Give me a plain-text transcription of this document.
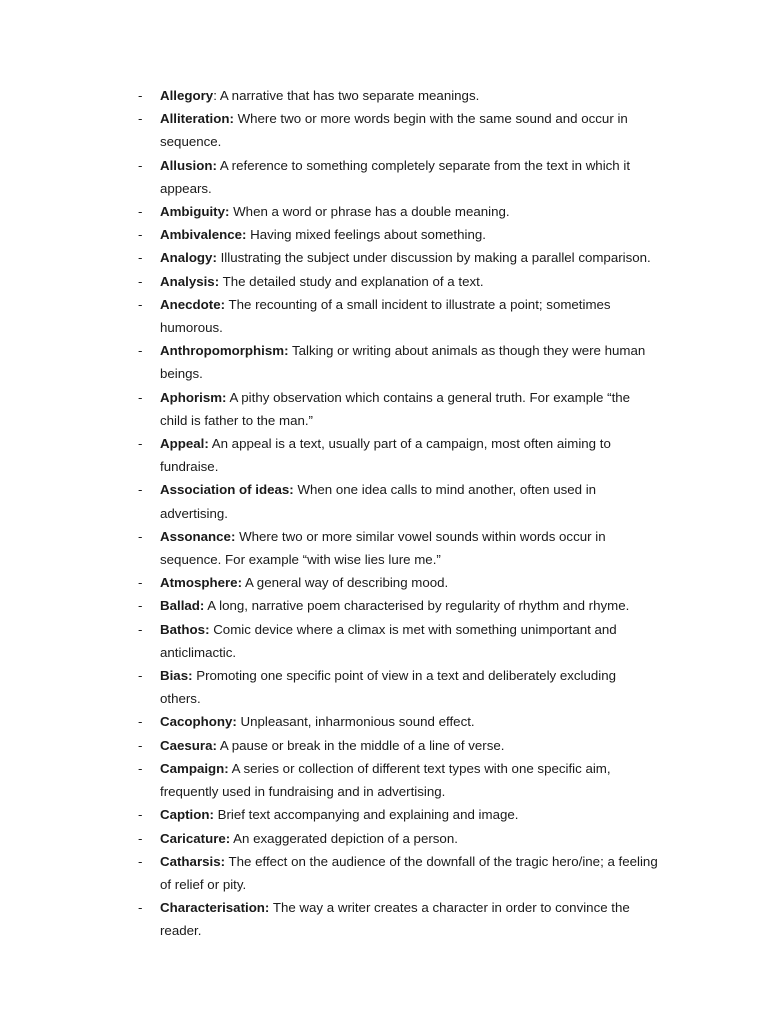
-	Allegory: A narrative that has two separate meanings.
-	Alliteration: Where two or more words begin with the same sound and occur in sequence.
-	Allusion: A reference to something completely separate from the text in which it appears.
-	Ambiguity: When a word or phrase has a double meaning.
-	Ambivalence: Having mixed feelings about something.
-	Analogy: Illustrating the subject under discussion by making a parallel comparison.
-	Analysis: The detailed study and explanation of a text.
-	Anecdote: The recounting of a small incident to illustrate a point; sometimes humorous.
-	Anthropomorphism: Talking or writing about animals as though they were human beings.
-	Aphorism: A pithy observation which contains a general truth. For example “the child is father to the man.”
-	Appeal: An appeal is a text, usually part of a campaign, most often aiming to fundraise.
-	Association of ideas: When one idea calls to mind another, often used in advertising.
-	Assonance: Where two or more similar vowel sounds within words occur in sequence. For example “with wise lies lure me.”
-	Atmosphere: A general way of describing mood.
-	Ballad: A long, narrative poem characterised by regularity of rhythm and rhyme.
-	Bathos: Comic device where a climax is met with something unimportant and anticlimactic.
-	Bias: Promoting one specific point of view in a text and deliberately excluding others.
-	Cacophony: Unpleasant, inharmonious sound effect.
-	Caesura: A pause or break in the middle of a line of verse.
-	Campaign: A series or collection of different text types with one specific aim, frequently used in fundraising and in advertising.
-	Caption: Brief text accompanying and explaining and image.
-	Caricature: An exaggerated depiction of a person.
-	Catharsis: The effect on the audience of the downfall of the tragic hero/ine; a feeling of relief or pity.
-	Characterisation: The way a writer creates a character in order to convince the reader.
